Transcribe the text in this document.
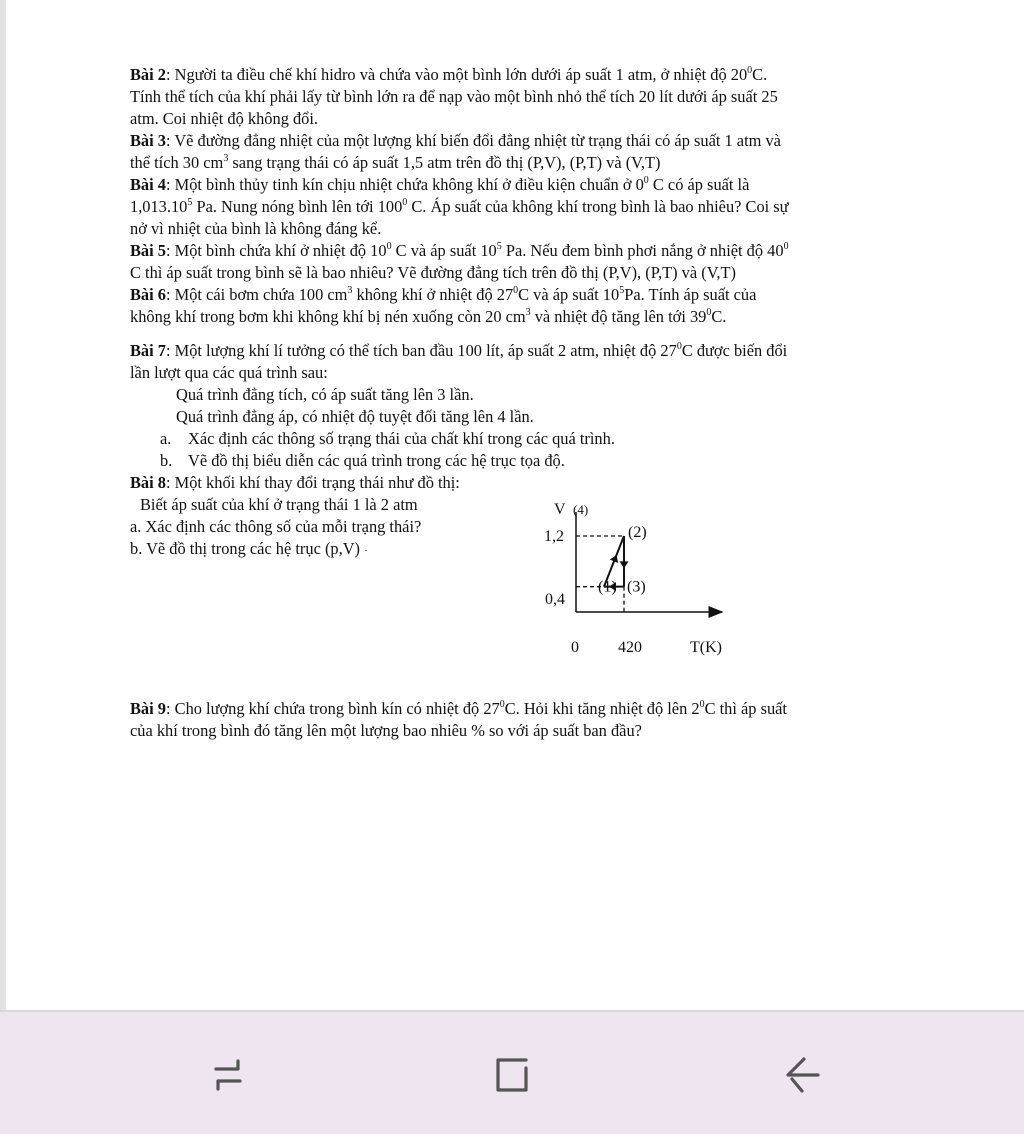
Bài 2: Người ta điều chế khí hidro và chứa vào một bình lớn dưới áp suất 1 atm, ở nhiệt độ $20^0C$.

Tính thể tích của khí phải lấy từ bình lớn ra để nạp vào một bình nhỏ thể tích 20 lít dưới áp suất 25

atm. Coi nhiệt độ không đổi.

Bài 3: Vẽ đường đẳng nhiệt của một lượng khí biến đổi đẳng nhiệt từ trạng thái có áp suất 1 atm và

thể tích 30 $cm^3$ sang trạng thái có áp suất 1,5 atm trên đồ thị (P,V), (P,T) và (V,T)

Bài 4: Một bình thủy tinh kín chịu nhiệt chứa không khí ở điều kiện chuẩn ở $0^0$ C có áp suất là

1,013.10$^5$ Pa. Nung nóng bình lên tới $100^0$ C. Áp suất của không khí trong bình là bao nhiêu? Coi sự

nở vì nhiệt của bình là không đáng kể.

Bài 5: Một bình chứa khí ở nhiệt độ $10^0$ C và áp suất $10^5$ Pa. Nếu đem bình phơi nắng ở nhiệt độ $40^0$

C thì áp suất trong bình sẽ là bao nhiêu? Vẽ đường đẳng tích trên đồ thị (P,V), (P,T) và (V,T)

Bài 6: Một cái bơm chứa 100 $cm^3$ không khí ở nhiệt độ $27^0C$ và áp suất $10^5Pa$. Tính áp suất của

không khí trong bơm khi không khí bị nén xuống còn 20 $cm^3$ và nhiệt độ tăng lên tới $39^0C$.

Bài 7: Một lượng khí lí tưởng có thể tích ban đầu 100 lít, áp suất 2 atm, nhiệt độ $27^0C$ được biến đổi

lần lượt qua các quá trình sau:

Quá trình đẳng tích, có áp suất tăng lên 3 lần.

Quá trình đẳng áp, có nhiệt độ tuyệt đối tăng lên 4 lần.

a.	Xác định các thông số trạng thái của chất khí trong các quá trình.
b. Vẽ đồ thị biểu diễn các quá trình trong các hệ trục tọa độ.

Bài 8: Một khối khí thay đổi trạng thái như đồ thị:

Biết áp suất của khí ở trạng thái 1 là 2 atm
a. Xác định các thông số của mỗi trạng thái?
b. Vẽ đồ thị trong các hệ trục (p,V) ·
V (4)
1,2
0,4
0 420	T(K)
(1)
(2)
(3)

Bài 9: Cho lượng khí chứa trong bình kín có nhiệt độ $27^0C$. Hỏi khi tăng nhiệt độ lên $2^0C$ thì áp suất

của khí trong bình đó tăng lên một lượng bao nhiêu % so với áp suất ban đầu?
